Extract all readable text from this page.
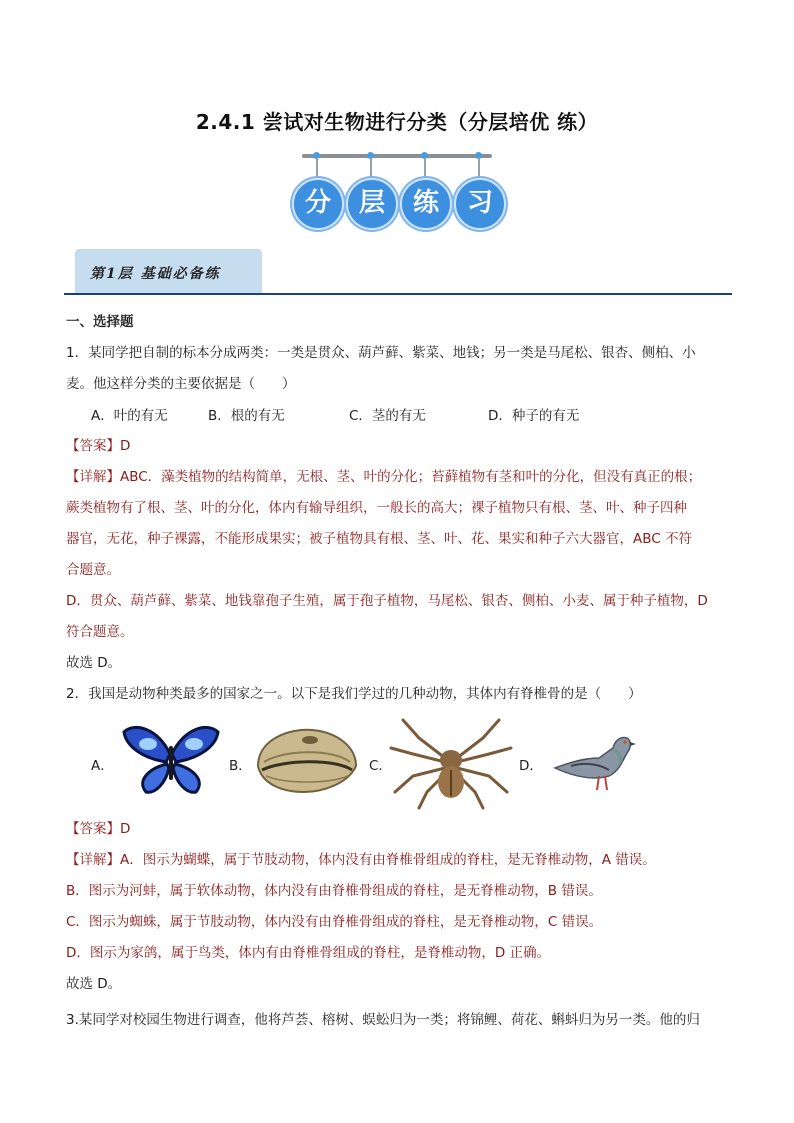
2.4.1 尝试对生物进行分类（分层培优 练）
分	层	练	习
第1层 基础必备练
一、选择题
1．某同学把自制的标本分成两类：一类是贯众、葫芦藓、紫菜、地钱；另一类是马尾松、银杏、侧柏、小
麦。他这样分类的主要依据是（　　）
A．叶的有无	B．根的有无	C．茎的有无	D．种子的有无
【答案】D
【详解】ABC．藻类植物的结构简单，无根、茎、叶的分化；苔藓植物有茎和叶的分化，但没有真正的根；
蕨类植物有了根、茎、叶的分化，体内有输导组织，一般长的高大；裸子植物只有根、茎、叶、种子四种
器官，无花，种子裸露，不能形成果实；被子植物具有根、茎、叶、花、果实和种子六大器官，ABC 不符
合题意。
D．贯众、葫芦藓、紫菜、地钱靠孢子生殖，属于孢子植物，马尾松、银杏、侧柏、小麦、属于种子植物，D
符合题意。
故选 D。
2．我国是动物种类最多的国家之一。以下是我们学过的几种动物，其体内有脊椎骨的是（　　）
A．	B．	C．	D．
【答案】D
【详解】A．图示为蝴蝶，属于节肢动物，体内没有由脊椎骨组成的脊柱，是无脊椎动物，A 错误。
B．图示为河蚌，属于软体动物，体内没有由脊椎骨组成的脊柱，是无脊椎动物，B 错误。
C．图示为蜘蛛，属于节肢动物，体内没有由脊椎骨组成的脊柱，是无脊椎动物，C 错误。
D．图示为家鸽，属于鸟类，体内有由脊椎骨组成的脊柱，是脊椎动物，D 正确。
故选 D。
3.某同学对校园生物进行调查，他将芦荟、榕树、蜈蚣归为一类；将锦鲤、荷花、蝌蚪归为另一类。他的归
